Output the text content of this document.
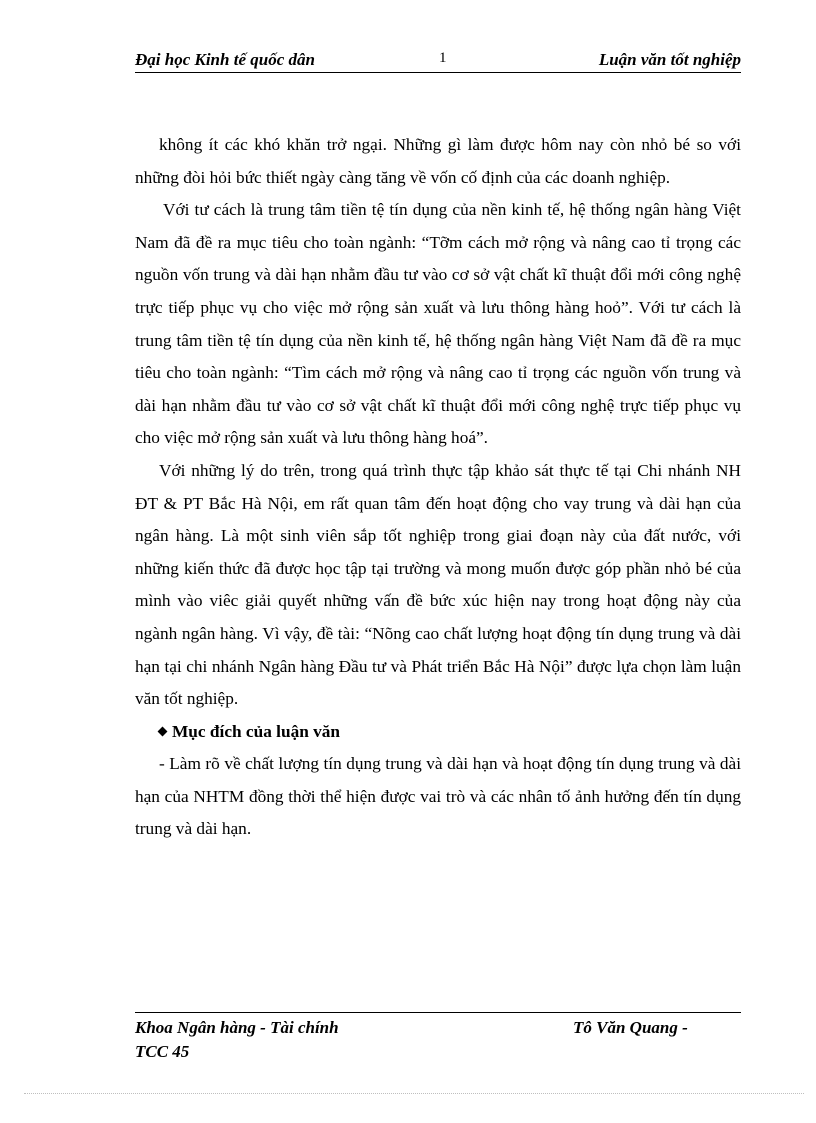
Đại học Kinh tế quốc dân	1	Luận văn tốt nghiệp

không ít các khó khăn trở ngại. Những gì làm được hôm nay còn nhỏ bé so với những đòi hỏi bức thiết ngày càng tăng về vốn cố định của các doanh nghiệp.

Với tư cách là trung tâm tiền tệ tín dụng của nền kinh tế, hệ thống ngân hàng Việt Nam đã đề ra mục tiêu cho toàn ngành: “Tỡm cách mở rộng và nâng cao tỉ trọng các nguồn vốn trung và dài hạn nhằm đầu tư vào cơ sở vật chất kĩ thuật đổi mới công nghệ trực tiếp phục vụ cho việc mở rộng sản xuất và lưu thông hàng hoỏ”. Với tư cách là trung tâm tiền tệ tín dụng của nền kinh tế, hệ thống ngân hàng Việt Nam đã đề ra mục tiêu cho toàn ngành: “Tìm cách mở rộng và nâng cao tỉ trọng các nguồn vốn trung và dài hạn nhằm đầu tư vào cơ sở vật chất kĩ thuật đổi mới công nghệ trực tiếp phục vụ cho việc mở rộng sản xuất và lưu thông hàng hoá”.

Với những lý do trên, trong quá trình thực tập khảo sát thực tế tại Chi nhánh NH ĐT & PT Bắc Hà Nội, em rất quan tâm đến hoạt động cho vay trung và dài hạn của ngân hàng. Là một sinh viên sắp tốt nghiệp trong giai đoạn này của đất nước, với những kiến thức đã được học tập tại trường và mong muốn được góp phần nhỏ bé của mình vào viêc giải quyết những vấn đề bức xúc hiện nay trong hoạt động này của ngành ngân hàng. Vì vậy, đề tài: “Nõng cao chất lượng hoạt động tín dụng trung và dài hạn tại chi nhánh Ngân hàng Đầu tư và Phát triển Bắc Hà Nội” được lựa chọn làm luận văn tốt nghiệp.

Mục đích của luận văn

- Làm rõ về chất lượng tín dụng trung và dài hạn và hoạt động tín dụng trung và dài hạn của NHTM đồng thời thể hiện được vai trò và các nhân tố ảnh hưởng đến tín dụng trung và dài hạn.

Khoa Ngân hàng - Tài chính	Tô Văn Quang -
TCC 45
